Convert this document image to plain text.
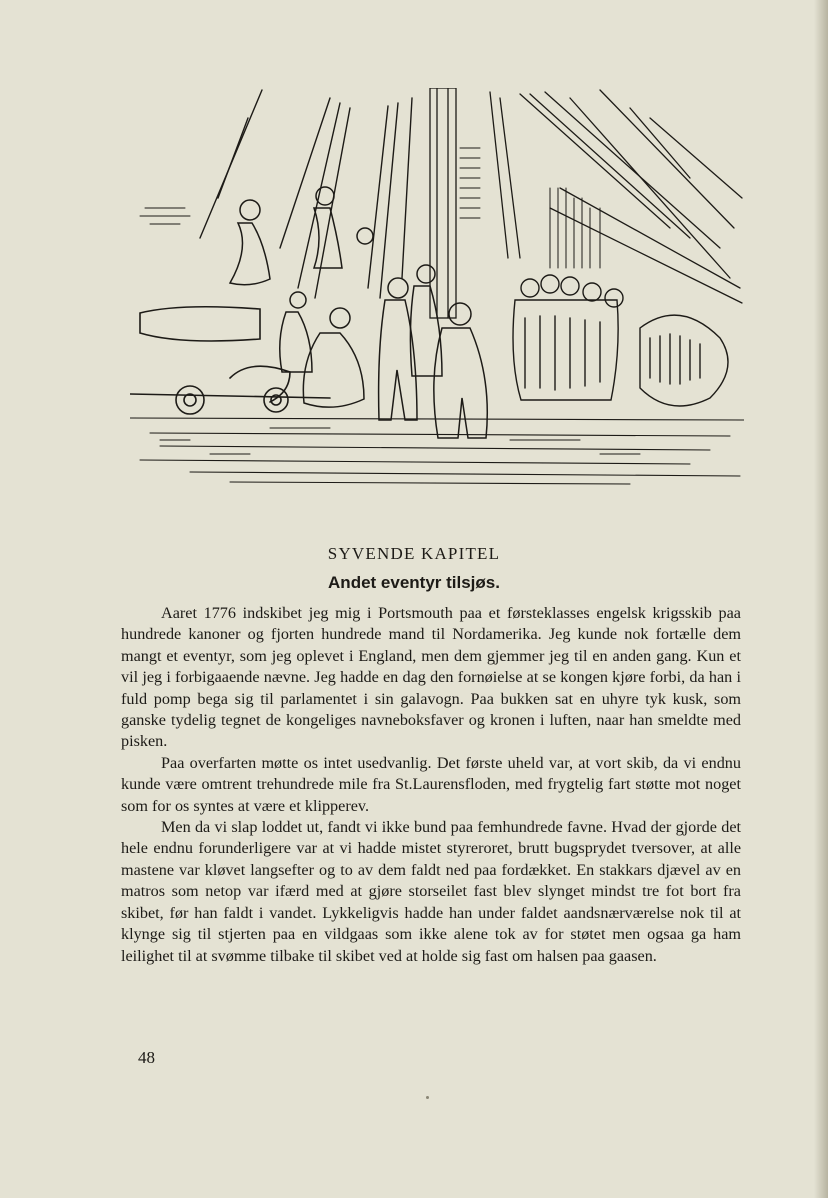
SYVENDE KAPITEL
Andet eventyr tilsjøs.

Aaret 1776 indskibet jeg mig i Portsmouth paa et førsteklasses engelsk krigsskib paa hundrede kanoner og fjorten hundrede mand til Nordamerika. Jeg kunde nok fortælle dem mangt et eventyr, som jeg oplevet i England, men dem gjemmer jeg til en anden gang. Kun et vil jeg i forbigaaende nævne. Jeg hadde en dag den fornøielse at se kongen kjøre forbi, da han i fuld pomp bega sig til parlamentet i sin galavogn. Paa bukken sat en uhyre tyk kusk, som ganske tydelig tegnet de kongeliges navneboksfaver og kronen i luften, naar han smeldte med pisken.

Paa overfarten møtte os intet usedvanlig. Det første uheld var, at vort skib, da vi endnu kunde være omtrent trehundrede mile fra St.Laurensfloden, med frygtelig fart støtte mot noget som for os syntes at være et klipperev.

Men da vi slap loddet ut, fandt vi ikke bund paa femhundrede favne. Hvad der gjorde det hele endnu forunderligere var at vi hadde mistet styreroret, brutt bugsprydet tversover, at alle mastene var kløvet langsefter og to av dem faldt ned paa fordækket. En stakkars djævel av en matros som netop var ifærd med at gjøre storseilet fast blev slynget mindst tre fot bort fra skibet, før han faldt i vandet. Lykkeligvis hadde han under faldet aandsnærværelse nok til at klynge sig til stjerten paa en vildgaas som ikke alene tok av for støtet men ogsaa ga ham leilighet til at svømme tilbake til skibet ved at holde sig fast om halsen paa gaasen.

48
